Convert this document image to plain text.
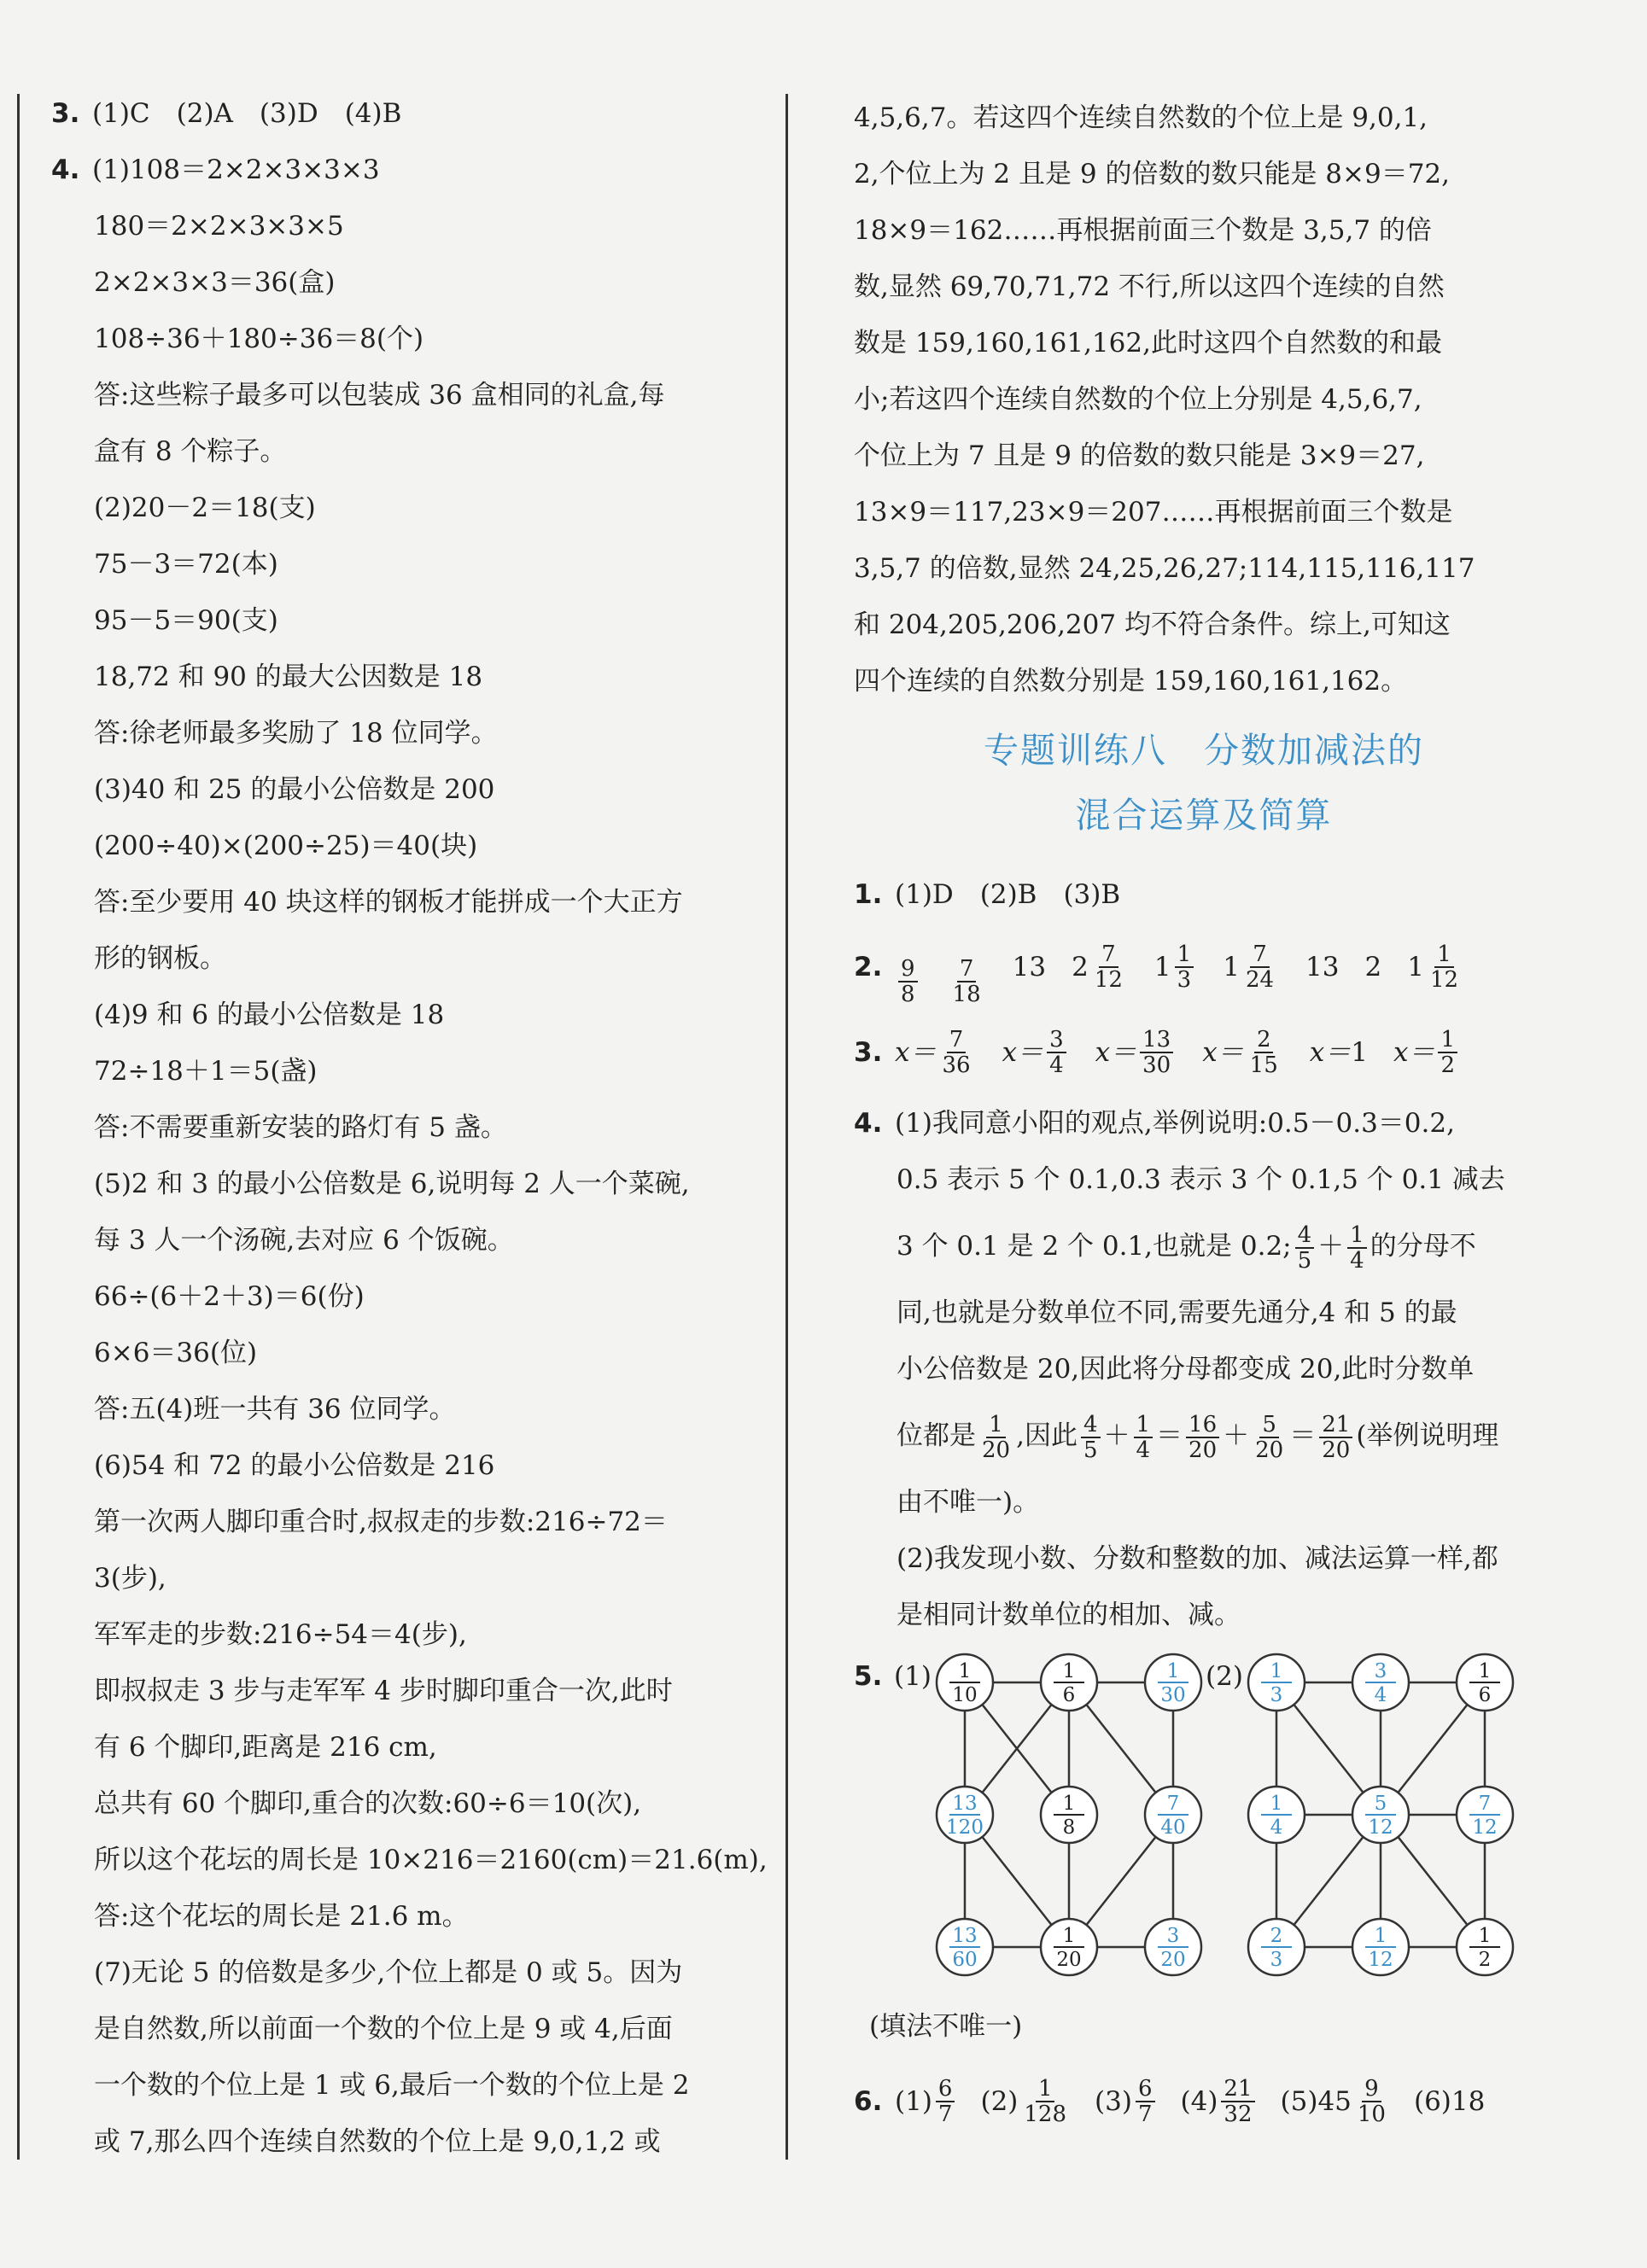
3. (1)C　(2)A　(3)D　(4)B

4. (1)108＝2×2×3×3×3

180＝2×2×3×3×5

2×2×3×3＝36(盒)

108÷36＋180÷36＝8(个)

答:这些粽子最多可以包装成 36 盒相同的礼盒,每

盒有 8 个粽子。

(2)20－2＝18(支)

75－3＝72(本)

95－5＝90(支)

18,72 和 90 的最大公因数是 18

答:徐老师最多奖励了 18 位同学。

(3)40 和 25 的最小公倍数是 200

(200÷40)×(200÷25)＝40(块)

答:至少要用 40 块这样的钢板才能拼成一个大正方

形的钢板。

(4)9 和 6 的最小公倍数是 18

72÷18＋1＝5(盏)

答:不需要重新安装的路灯有 5 盏。

(5)2 和 3 的最小公倍数是 6,说明每 2 人一个菜碗,

每 3 人一个汤碗,去对应 6 个饭碗。

66÷(6＋2＋3)＝6(份)

6×6＝36(位)

答:五(4)班一共有 36 位同学。

(6)54 和 72 的最小公倍数是 216

第一次两人脚印重合时,叔叔走的步数:216÷72＝

3(步),

军军走的步数:216÷54＝4(步),

即叔叔走 3 步与走军军 4 步时脚印重合一次,此时

有 6 个脚印,距离是 216 cm,

总共有 60 个脚印,重合的次数:60÷6＝10(次),

所以这个花坛的周长是 10×216＝2160(cm)＝21.6(m),

答:这个花坛的周长是 21.6 m。

(7)无论 5 的倍数是多少,个位上都是 0 或 5。因为

是自然数,所以前面一个数的个位上是 9 或 4,后面

一个数的个位上是 1 或 6,最后一个数的个位上是 2

或 7,那么四个连续自然数的个位上是 9,0,1,2 或

4,5,6,7。若这四个连续自然数的个位上是 9,0,1,

2,个位上为 2 且是 9 的倍数的数只能是 8×9＝72,

18×9＝162……再根据前面三个数是 3,5,7 的倍

数,显然 69,70,71,72 不行,所以这四个连续的自然

数是 159,160,161,162,此时这四个自然数的和最

小;若这四个连续自然数的个位上分别是 4,5,6,7,

个位上为 7 且是 9 的倍数的数只能是 3×9＝27,

13×9＝117,23×9＝207……再根据前面三个数是

3,5,7 的倍数,显然 24,25,26,27;114,115,116,117

和 204,205,206,207 均不符合条件。综上,可知这

四个连续的自然数分别是 159,160,161,162。

专题训练八　分数加减法的
混合运算及简算

1. (1)D　(2)B　(3)B

2. $\frac{9}{8} \frac{7}{18} 13$ $2 \frac{7}{12} 1 \frac{1}{3} 1 \frac{7}{24} 13$ 2 $1 \frac{1}{12}$

3. $x= \frac{7}{36} x= \frac{3}{4} x= \frac{13}{30} x= \frac{2}{15} x= 1$ $x= \frac{1}{2}$

4. (1)我同意小阳的观点,举例说明:0.5－0.3＝0.2,

0.5 表示 5 个 0.1,0.3 表示 3 个 0.1,5 个 0.1 减去

3 个 0.1 是 2 个 0.1,也就是 0.2; $\frac{4}{5} + \frac{1}{4}$ 的分母不

同,也就是分数单位不同,需要先通分,4 和 5 的最

小公倍数是 20,因此将分母都变成 20,此时分数单

位都是 $\frac{1}{20}$ ,因此 $\frac{4}{5} + \frac{1}{4} = \frac{16}{20} + \frac{5}{20} = \frac{21}{20}$ (举例说明理

由不唯一)。

(2)我发现小数、分数和整数的加、减法运算一样,都

是相同计数单位的相加、减。

5. (1) 1
10
1
6
1
30
13
120
1
8
7
40
13
60
1
20
3
20
(2) 1
3
3
4
1
6
1
4
5
12
7
12
2
3
1
12
1
2

(填法不唯一)

6. $(1) \frac{6}{7} (2) \frac{1}{128} (3) \frac{6}{7} (4) \frac{21}{32} (5)$ $45 \frac{9}{10} (6)$ 18
